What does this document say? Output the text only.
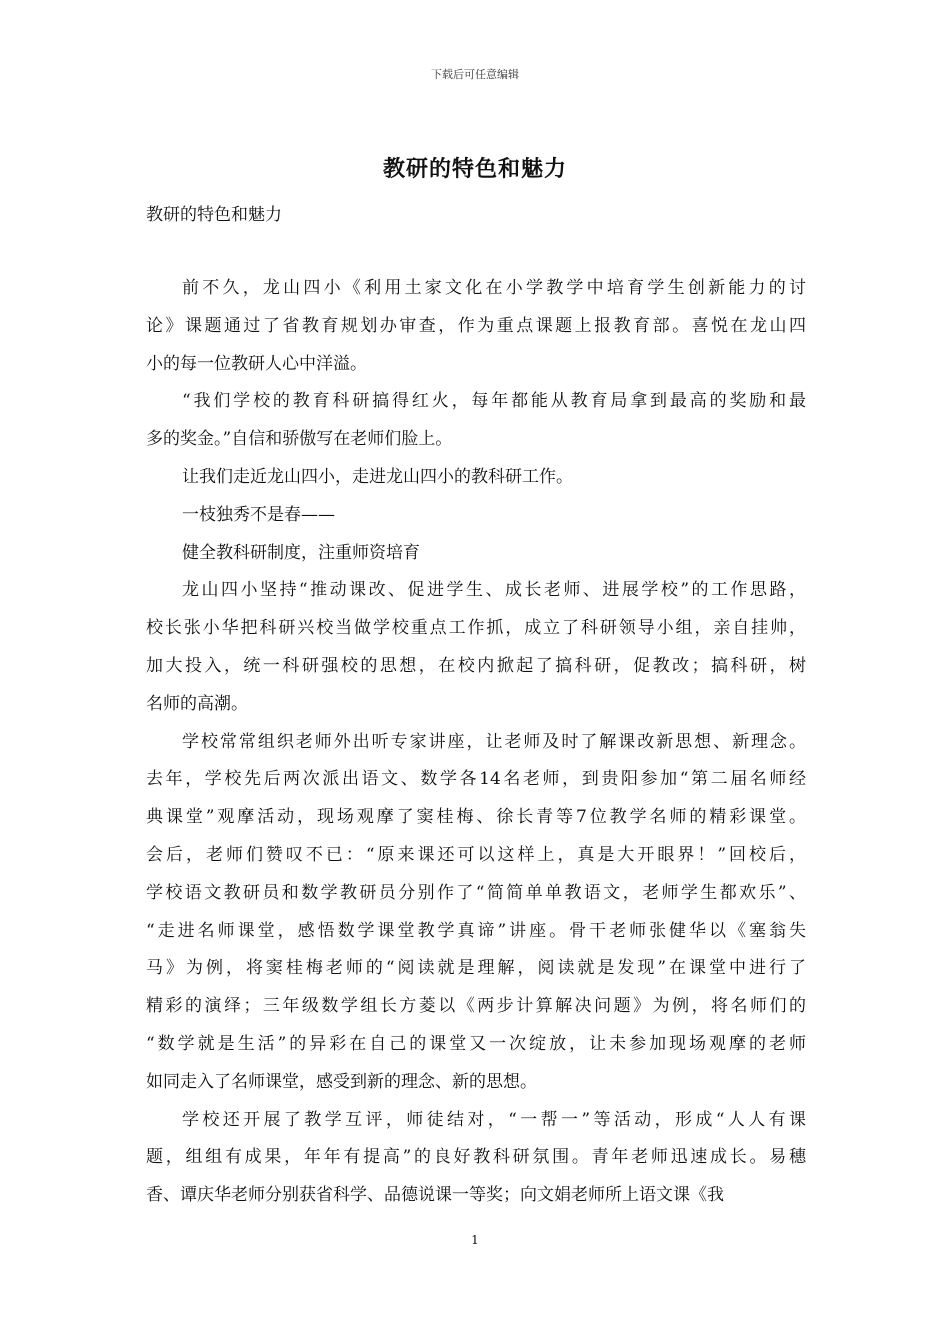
下载后可任意编辑
教研的特色和魅力
教研的特色和魅力
前不久，龙山四小《利用土家文化在小学教学中培育学生创新能力的讨
论》课题通过了省教育规划办审查，作为重点课题上报教育部。喜悦在龙山四
小的每一位教研人心中洋溢。
“我们学校的教育科研搞得红火，每年都能从教育局拿到最高的奖励和最
多的奖金。”自信和骄傲写在老师们脸上。
让我们走近龙山四小，走进龙山四小的教科研工作。
一枝独秀不是春——
健全教科研制度，注重师资培育
龙山四小坚持“推动课改、促进学生、成长老师、进展学校”的工作思路，
校长张小华把科研兴校当做学校重点工作抓，成立了科研领导小组，亲自挂帅，
加大投入，统一科研强校的思想，在校内掀起了搞科研，促教改；搞科研，树
名师的高潮。
学校常常组织老师外出听专家讲座，让老师及时了解课改新思想、新理念。
去年，学校先后两次派出语文、数学各14名老师，到贵阳参加“第二届名师经
典课堂”观摩活动，现场观摩了窦桂梅、徐长青等7位教学名师的精彩课堂。
会后，老师们赞叹不已：“原来课还可以这样上，真是大开眼界！”回校后，
学校语文教研员和数学教研员分别作了“简简单单教语文，老师学生都欢乐”、
“走进名师课堂，感悟数学课堂教学真谛”讲座。骨干老师张健华以《塞翁失
马》为例，将窦桂梅老师的“阅读就是理解，阅读就是发现”在课堂中进行了
精彩的演绎；三年级数学组长方菱以《两步计算解决问题》为例，将名师们的
“数学就是生活”的异彩在自己的课堂又一次绽放，让未参加现场观摩的老师
如同走入了名师课堂，感受到新的理念、新的思想。
学校还开展了教学互评，师徒结对，“一帮一”等活动，形成“人人有课
题，组组有成果，年年有提高”的良好教科研氛围。青年老师迅速成长。易穗
香、谭庆华老师分别获省科学、品德说课一等奖；向文娟老师所上语文课《我
1
